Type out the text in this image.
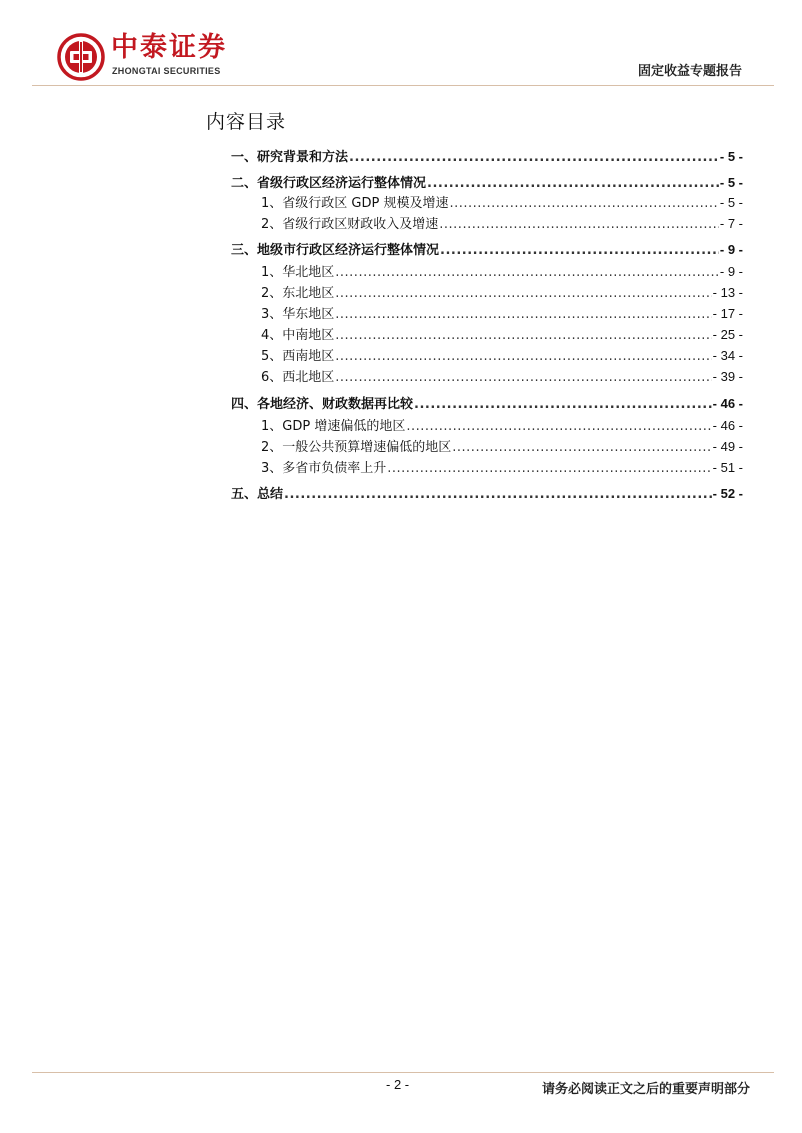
中泰证券
ZHONGTAI SECURITIES	固定收益专题报告
内容目录
一、研究背景和方法 .....	- 5 -
二、省级行政区经济运行整体情况 .....	- 5 -
1、省级行政区 GDP 规模及增速 .....	- 5 -
2、省级行政区财政收入及增速 .....	- 7 -
三、地级市行政区经济运行整体情况 .....	- 9 -
1、华北地区 .....	- 9 -
2、东北地区 .....	- 13 -
3、华东地区 .....	- 17 -
4、中南地区 .....	- 25 -
5、西南地区 .....	- 34 -
6、西北地区 .....	- 39 -
四、各地经济、财政数据再比较 .....	- 46 -
1、GDP 增速偏低的地区 .....	- 46 -
2、一般公共预算增速偏低的地区 .....	- 49 -
3、多省市负债率上升 .....	- 51 -
五、总结 .....	- 52 -
- 2 -	请务必阅读正文之后的重要声明部分
